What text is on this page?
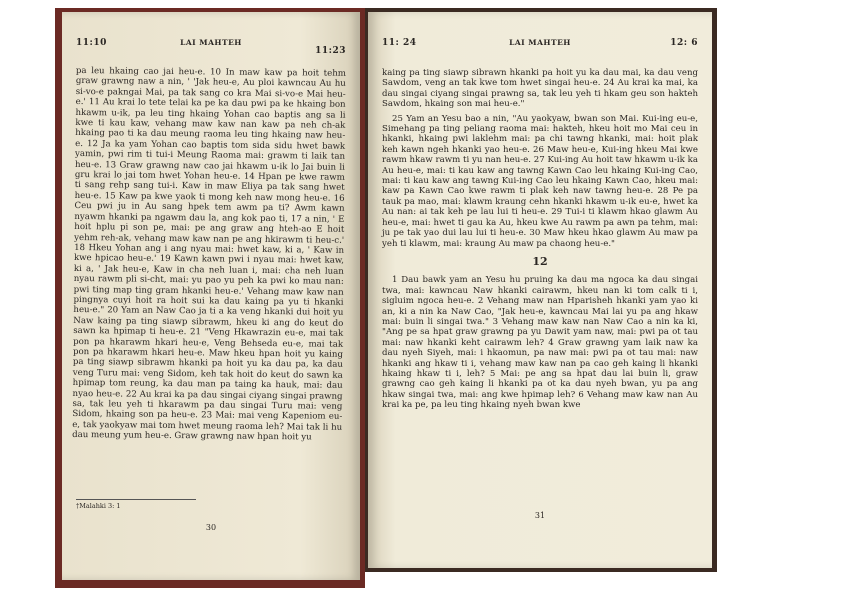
11:10	LAI MAHTEH
11:23

pa leu hkaing cao jai heu-e. 10 In maw kaw pa hoit tehm graw grawng naw a nin, ' 'Jak heu-e, Au ploi kawncau Au hu si-vo-e pakngai Mai, pa tak sang co kra Mai si-vo-e Mai heu-e.' 11 Au krai lo tete telai ka pe ka dau pwi pa ke hkaing bon hkawm u-ik, pa leu ting hkaing Yohan cao baptis ang sa li kwe ti kau kaw, vehang maw kaw nan kaw pa neh ch-ak hkaing pao ti ka dau meung raoma leu ting hkaing naw heu-e. 12 Ja ka yam Yohan cao baptis tom sida sidu hwet bawk yamin, pwi rim ti tui-i Meung Raoma mai: grawm ti laik tan heu-e. 13 Graw grawng naw cao jai hkawm u-ik lo Jai buin li gru krai lo jai tom hwet Yohan heu-e. 14 Hpan pe kwe rawm ti sang rehp sang tui-i. Kaw in maw Eliya pa tak sang hwet heu-e. 15 Kaw pa kwe yaok ti mong keh naw mong heu-e. 16 Ceu pwi ju in Au sang hpek tem awm pa ti? Awm kawn nyawm hkanki pa ngawm dau la, ang kok pao ti, 17 a nin, ' E hoit hplu pi son pe, mai: pe ang graw ang hteh-ao E hoit yehm reh-ak, vehang maw kaw nan pe ang hkirawm ti heu-c.' 18 Hkeu Yohan ang i ang nyau mai: hwet kaw, ki a, ' Kaw in kwe hpicao heu-e.' 19 Kawn kawn pwi i nyau mai: hwet kaw, ki a, ' Jak heu-e, Kaw in cha neh luan i, mai: cha neh luan nyau rawm pli si-cht, mai: yu pao yu peh ka pwi ko mau nan: pwi ting map ting gram hkanki heu-e.' Vehang maw kaw nan pingnya cuyi hoit ra hoit sui ka dau kaing pa yu ti hkanki heu-e." 20 Yam an Naw Cao ja ti a ka veng hkanki dui hoit yu Naw kaing pa ting siawp sibrawm, hkeu ki ang do keut do sawn ka hpimap ti heu-e. 21 "Veng Hkawrazin eu-e, mai tak pon pa hkarawm hkari heu-e, Veng Behseda eu-e, mai tak pon pa hkarawm hkari heu-e. Maw hkeu hpan hoit yu kaing pa ting siawp sibrawm hkanki pa hoit yu ka dau pa, ka dau veng Turu mai: veng Sidom, keh tak hoit do keut do sawn ka hpimap tom reung, ka dau man pa taing ka hauk, mai: dau nyao heu-e. 22 Au krai ka pa dau singai ciyang singai prawng sa, tak leu yeh ti hkarawm pa dau singai Turu mai: veng Sidom, hkaing son pa heu-e. 23 Mai: mai veng Kapeniom eu-e, tak yaokyaw mai tom hwet meung raoma leh? Mai tak li hu dau meung yum heu-e. Graw grawng naw hpan hoit yu

†Malahki 3: 1
30
11: 24	LAI MAHTEH	12: 6

kaing pa ting siawp sibrawn hkanki pa hoit yu ka dau mai, ka dau veng Sawdom, veng an tak kwe tom hwet singai heu-e. 24 Au krai ka mai, ka dau singai ciyang singai prawng sa, tak leu yeh ti hkam geu son hakteh Sawdom, hkaing son mai heu-e."

25 Yam an Yesu bao a nin, "Au yaokyaw, bwan son Mai. Kui-ing eu-e, Simehang pa ting peliang raoma mai: hakteh, hkeu hoit mo Mai ceu in hkanki, hkaing pwi laklehm mai: pa chi tawng hkanki, mai: hoit plak keh kawn ngeh hkanki yao heu-e. 26 Maw heu-e, Kui-ing hkeu Mai kwe rawm hkaw rawm ti yu nan heu-e. 27 Kui-ing Au hoit taw hkawm u-ik ka Au heu-e, mai: ti kau kaw ang tawng Kawn Cao leu hkaing Kui-ing Cao, mai: ti kau kaw ang tawng Kui-ing Cao leu hkaing Kawn Cao, hkeu mai: kaw pa Kawn Cao kwe rawm ti plak keh naw tawng heu-e. 28 Pe pa tauk pa mao, mai: klawm kraung cehn hkanki hkawm u-ik eu-e, hwet ka Au nan: ai tak keh pe lau lui ti heu-e. 29 Tui-i ti klawm hkao glawm Au heu-e, mai: hwet ti gau ka Au, hkeu kwe Au rawm pa awn pa tehm, mai: ju pe tak yao dui lau lui ti heu-e. 30 Maw hkeu hkao glawm Au maw pa yeh ti klawm, mai: kraung Au maw pa chaong heu-e."

12

1 Dau bawk yam an Yesu hu pruing ka dau ma ngoca ka dau singai twa, mai: kawncau Naw hkanki cairawm, hkeu nan ki tom calk ti i, sigluim ngoca heu-e. 2 Vehang maw nan Hparisheh hkanki yam yao ki an, ki a nin ka Naw Cao, "Jak heu-e, kawncau Mai lai yu pa ang hkaw mai: buin li singai twa." 3 Vehang maw kaw nan Naw Cao a nin ka ki, "Ang pe sa hpat graw grawng pa yu Dawit yam naw, mai: pwi pa ot tau mai: naw hkanki keht cairawm leh? 4 Graw grawng yam laik naw ka dau nyeh Siyeh, mai: i hkaomun, pa naw mai: pwi pa ot tau mai: naw hkanki ang hkaw ti i, vehang maw kaw nan pa cao geh kaing li hkanki hkaing hkaw ti i, leh? 5 Mai: pe ang sa hpat dau lai buin li, graw grawng cao geh kaing li hkanki pa ot ka dau nyeh bwan, yu pa ang hkaw singai twa, mai: ang kwe hpimap leh? 6 Vehang maw kaw nan Au krai ka pe, pa leu ting hkaing nyeh bwan kwe

31
